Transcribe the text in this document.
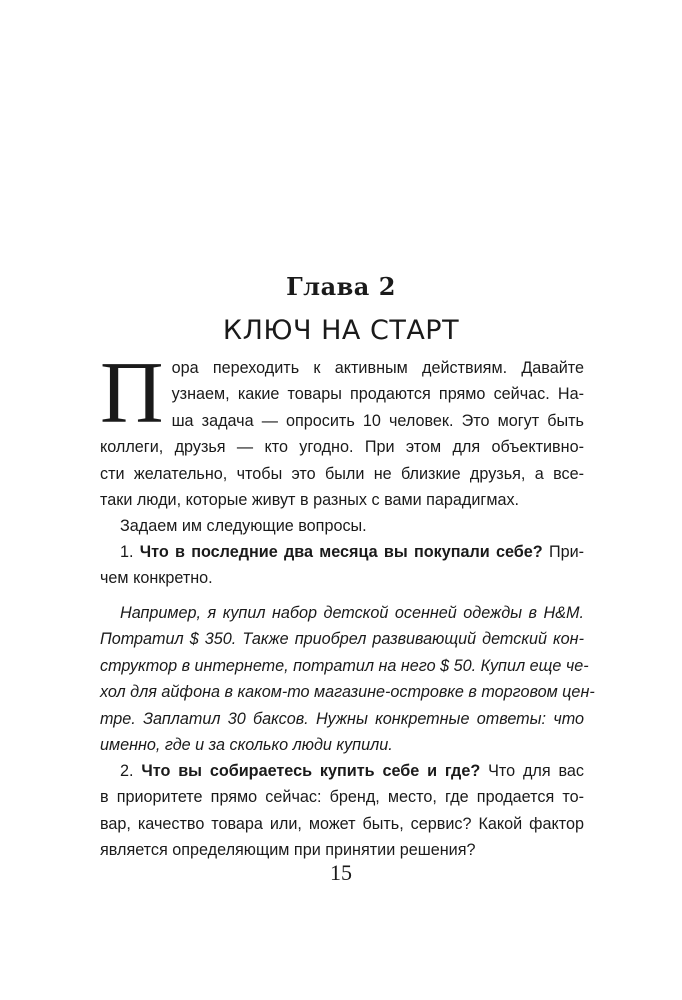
Глава 2
КЛЮЧ НА СТАРТ
П ора переходить к активным действиям. Давайте
узнаем, какие товары продаются прямо сейчас. На-
ша задача — опросить 10 человек. Это могут быть
коллеги, друзья — кто угодно. При этом для объективно-
сти желательно, чтобы это были не близкие друзья, а все-
таки люди, которые живут в разных с вами парадигмах.
Задаем им следующие вопросы.
1. Что в последние два месяца вы покупали себе? При-
чем конкретно.
Например, я купил набор детской осенней одежды в H&M.
Потратил $ 350. Также приобрел развивающий детский кон-
структор в интернете, потратил на него $ 50. Купил еще че-
хол для айфона в каком-то магазине-островке в торговом цен-
тре. Заплатил 30 баксов. Нужны конкретные ответы: что
именно, где и за сколько люди купили.
2. Что вы собираетесь купить себе и где? Что для вас
в приоритете прямо сейчас: бренд, место, где продается то-
вар, качество товара или, может быть, сервис? Какой фактор
является определяющим при принятии решения?
15
